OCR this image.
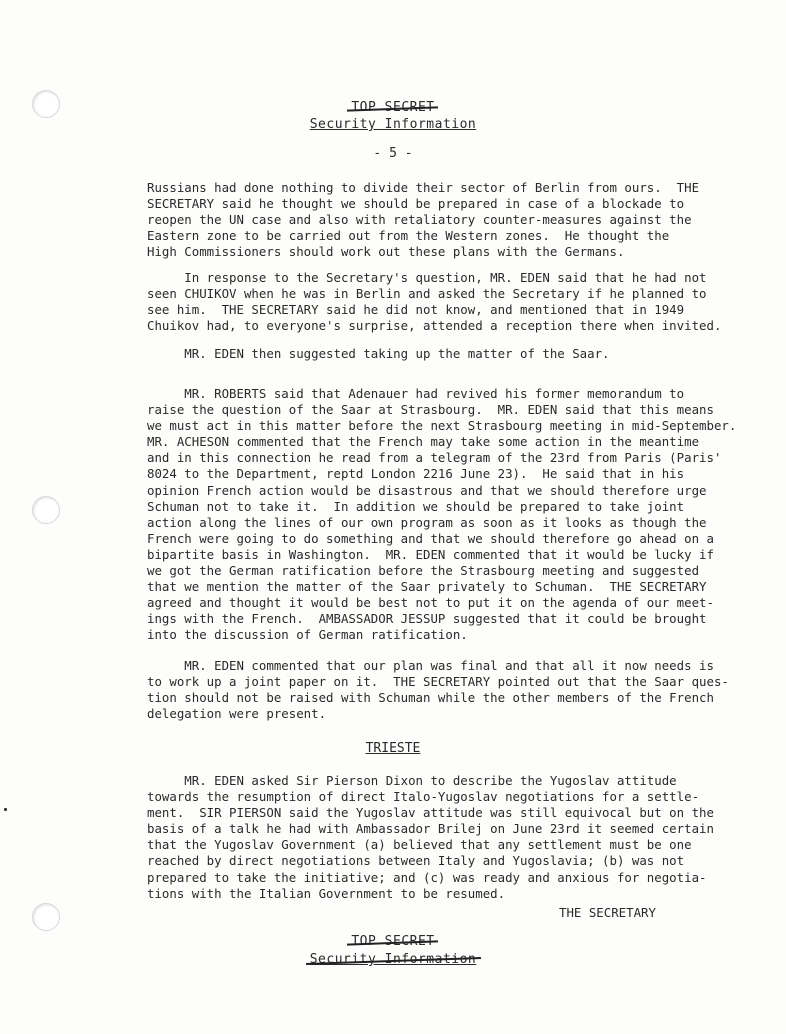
TOP SECRET
Security Information
- 5 -
Russians had done nothing to divide their sector of Berlin from ours.  THE
SECRETARY said he thought we should be prepared in case of a blockade to
reopen the UN case and also with retaliatory counter-measures against the
Eastern zone to be carried out from the Western zones.  He thought the
High Commissioners should work out these plans with the Germans.
In response to the Secretary's question, MR. EDEN said that he had not
seen CHUIKOV when he was in Berlin and asked the Secretary if he planned to
see him.  THE SECRETARY said he did not know, and mentioned that in 1949
Chuikov had, to everyone's surprise, attended a reception there when invited.
MR. EDEN then suggested taking up the matter of the Saar.
MR. ROBERTS said that Adenauer had revived his former memorandum to
raise the question of the Saar at Strasbourg.  MR. EDEN said that this means
we must act in this matter before the next Strasbourg meeting in mid-September.
MR. ACHESON commented that the French may take some action in the meantime
and in this connection he read from a telegram of the 23rd from Paris (Paris'
8024 to the Department, reptd London 2216 June 23).  He said that in his
opinion French action would be disastrous and that we should therefore urge
Schuman not to take it.  In addition we should be prepared to take joint
action along the lines of our own program as soon as it looks as though the
French were going to do something and that we should therefore go ahead on a
bipartite basis in Washington.  MR. EDEN commented that it would be lucky if
we got the German ratification before the Strasbourg meeting and suggested
that we mention the matter of the Saar privately to Schuman.  THE SECRETARY
agreed and thought it would be best not to put it on the agenda of our meet-
ings with the French.  AMBASSADOR JESSUP suggested that it could be brought
into the discussion of German ratification.
MR. EDEN commented that our plan was final and that all it now needs is
to work up a joint paper on it.  THE SECRETARY pointed out that the Saar ques-
tion should not be raised with Schuman while the other members of the French
delegation were present.
TRIESTE
MR. EDEN asked Sir Pierson Dixon to describe the Yugoslav attitude
towards the resumption of direct Italo-Yugoslav negotiations for a settle-
ment.  SIR PIERSON said the Yugoslav attitude was still equivocal but on the
basis of a talk he had with Ambassador Brilej on June 23rd it seemed certain
that the Yugoslav Government (a) believed that any settlement must be one
reached by direct negotiations between Italy and Yugoslavia; (b) was not
prepared to take the initiative; and (c) was ready and anxious for negotia-
tions with the Italian Government to be resumed.
THE SECRETARY
TOP SECRET
Security Information
